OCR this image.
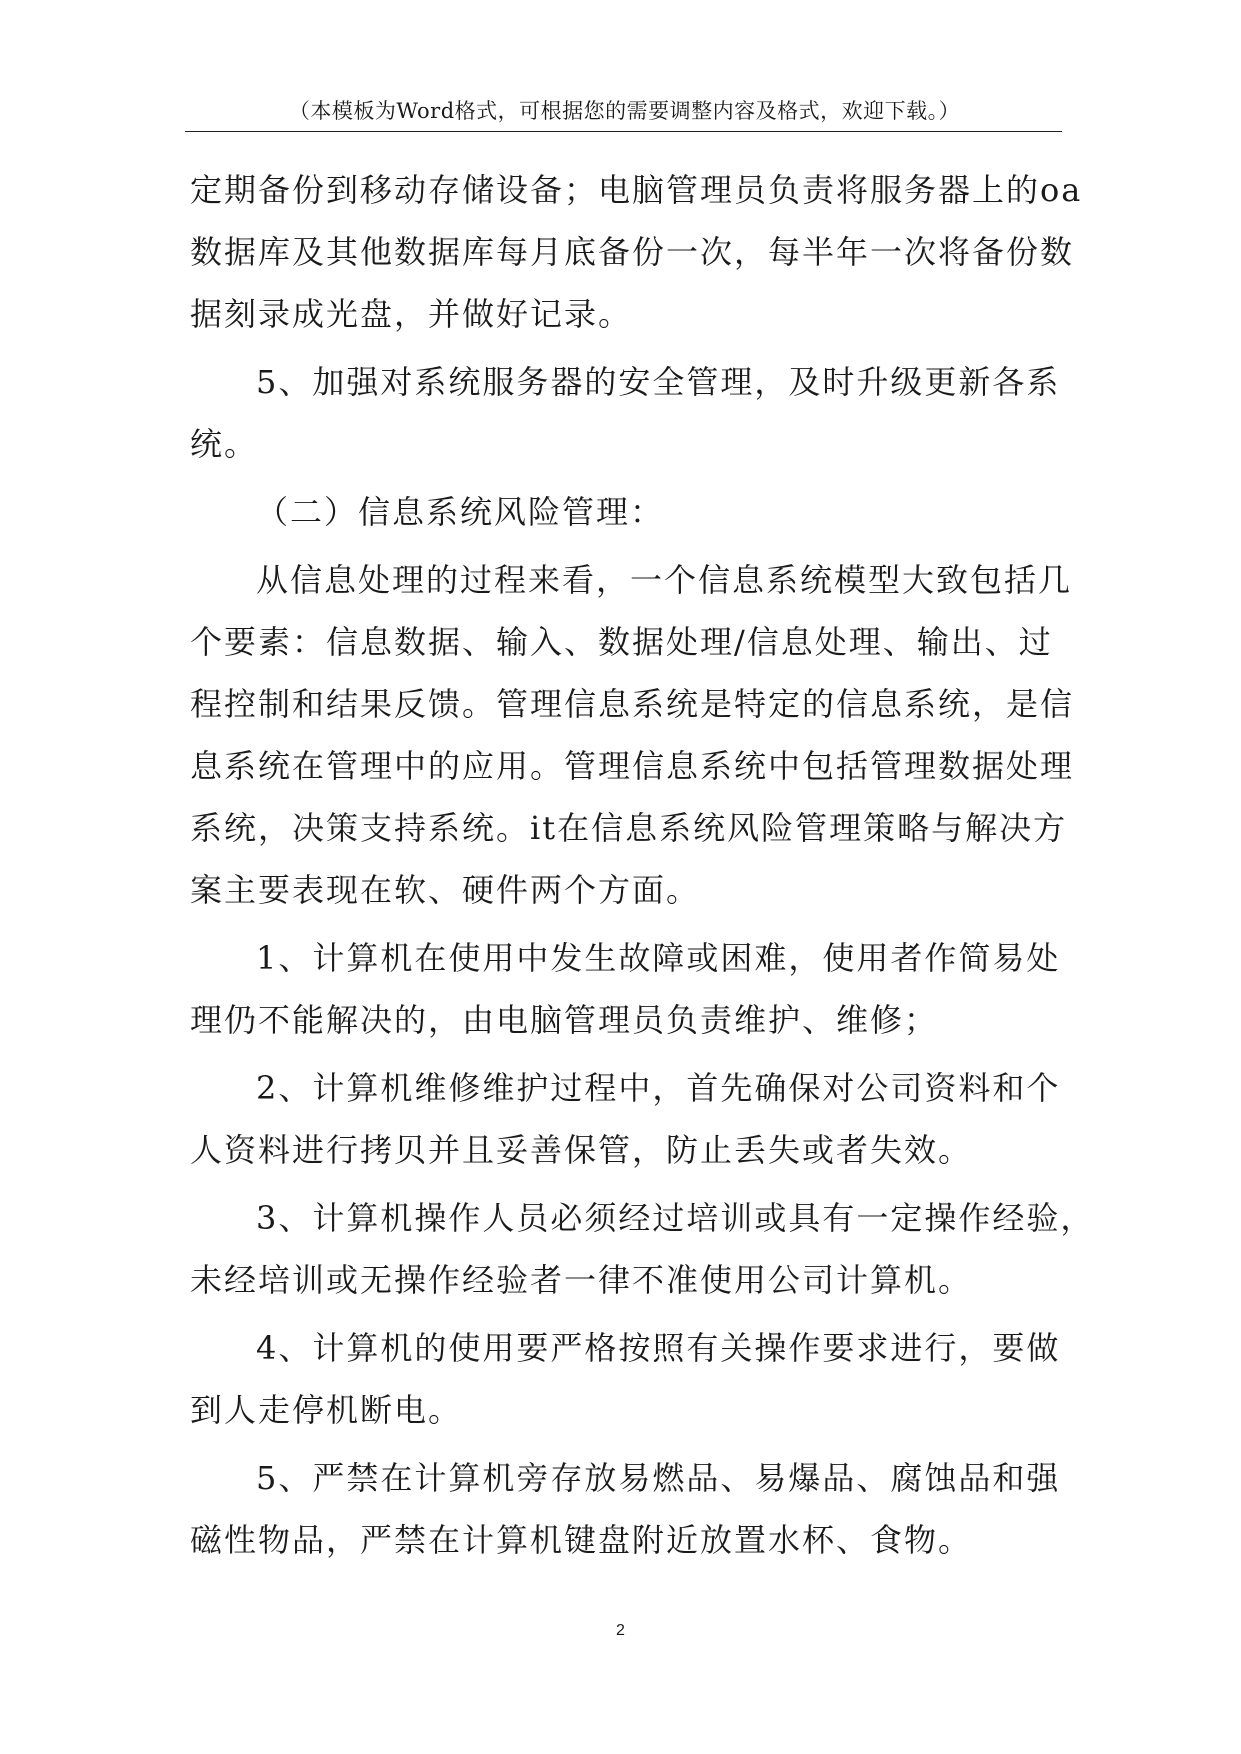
（本模板为Word格式，可根据您的需要调整内容及格式，欢迎下载。）
定期备份到移动存储设备；电脑管理员负责将服务器上的oa
数据库及其他数据库每月底备份一次，每半年一次将备份数
据刻录成光盘，并做好记录。
5、加强对系统服务器的安全管理，及时升级更新各系
统。
（二）信息系统风险管理：
从信息处理的过程来看，一个信息系统模型大致包括几
个要素：信息数据、输入、数据处理/信息处理、输出、过
程控制和结果反馈。管理信息系统是特定的信息系统，是信
息系统在管理中的应用。管理信息系统中包括管理数据处理
系统，决策支持系统。it在信息系统风险管理策略与解决方
案主要表现在软、硬件两个方面。
1、计算机在使用中发生故障或困难，使用者作简易处
理仍不能解决的，由电脑管理员负责维护、维修；
2、计算机维修维护过程中，首先确保对公司资料和个
人资料进行拷贝并且妥善保管，防止丢失或者失效。
3、计算机操作人员必须经过培训或具有一定操作经验，
未经培训或无操作经验者一律不准使用公司计算机。
4、计算机的使用要严格按照有关操作要求进行，要做
到人走停机断电。
5、严禁在计算机旁存放易燃品、易爆品、腐蚀品和强
磁性物品，严禁在计算机键盘附近放置水杯、食物。
2
